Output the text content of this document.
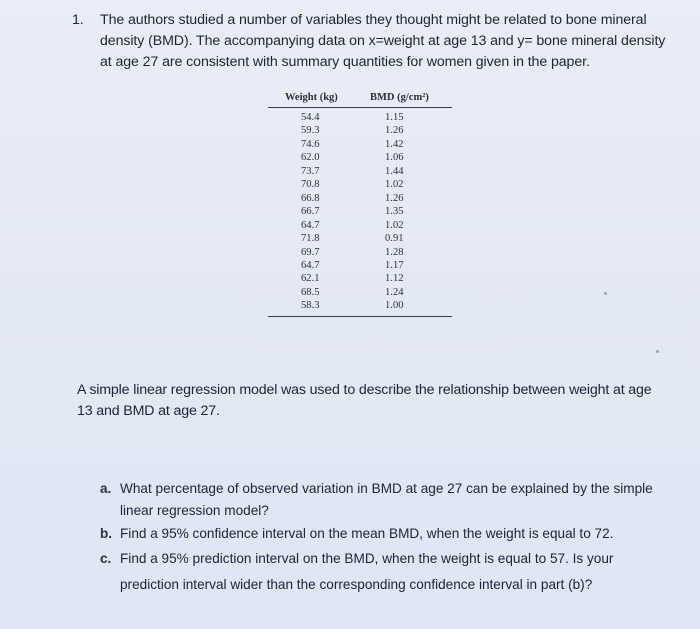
1.	The authors studied a number of variables they thought might be related to bone mineral density (BMD). The accompanying data on x=weight at age 13 and y= bone mineral density at age 27 are consistent with summary quantities for women given in the paper.
Weight (kg)	BMD (g/cm²)
54.4	1.15
59.3	1.26
74.6	1.42
62.0	1.06
73.7	1.44
70.8	1.02
66.8	1.26
66.7	1.35
64.7	1.02
71.8	0.91
69.7	1.28
64.7	1.17
62.1	1.12
68.5	1.24
58.3	1.00
A simple linear regression model was used to describe the relationship between weight at age 13 and BMD at age 27.
a. What percentage of observed variation in BMD at age 27 can be explained by the simple linear regression model?
b. Find a 95% confidence interval on the mean BMD, when the weight is equal to 72.
c. Find a 95% prediction interval on the BMD, when the weight is equal to 57. Is your prediction interval wider than the corresponding confidence interval in part (b)?
